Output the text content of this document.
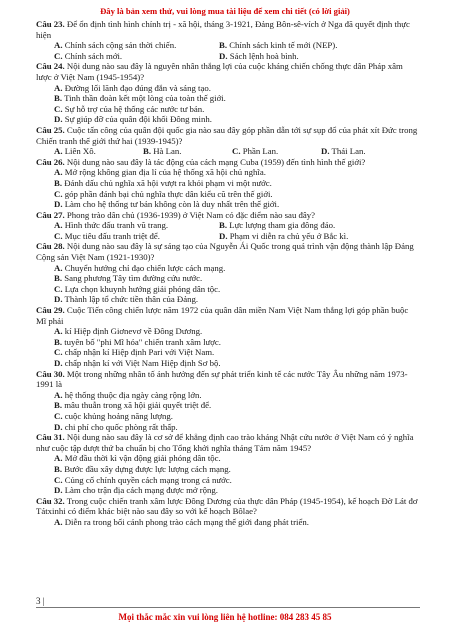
Đây là bản xem thử, vui lòng mua tài liệu để xem chi tiết (có lời giải)

Câu 23. Để ổn định tình hình chính trị - xã hội, tháng 3-1921, Đảng Bôn-sê-vích ở Nga đã quyết định thực hiện

A. Chính sách cộng sản thời chiến.	B. Chính sách kinh tế mới (NEP).
C. Chính sách mới.	D. Sách lệnh hoà bình.

Câu 24. Nội dung nào sau đây là nguyên nhân thắng lợi của cuộc kháng chiến chống thực dân Pháp xâm lược ở Việt Nam (1945-1954)?

A. Đường lối lãnh đạo đúng đắn và sáng tạo.
B. Tinh thần đoàn kết một lòng của toàn thế giới.
C. Sự hỗ trợ của hệ thống các nước tư bản.
D. Sự giúp đỡ của quân đội khối Đông minh.

Câu 25. Cuộc tấn công của quân đội quốc gia nào sau đây góp phần dẫn tới sự sụp đổ của phát xít Đức trong Chiến tranh thế giới thứ hai (1939-1945)?

A. Liên Xô.	B. Hà Lan.	C. Phần Lan.	D. Thái Lan.

Câu 26. Nội dung nào sau đây là tác động của cách mạng Cuba (1959) đến tình hình thế giới?

A. Mở rộng không gian địa lí của hệ thống xã hội chủ nghĩa.
B. Đánh dấu chủ nghĩa xã hội vượt ra khỏi phạm vi một nước.
C. góp phần đánh bại chủ nghĩa thực dân kiểu cũ trên thế giới.
D. Làm cho hệ thống tư bản không còn là duy nhất trên thế giới.

Câu 27. Phong trào dân chủ (1936-1939) ở Việt Nam có đặc điểm nào sau đây?

A. Hình thức đấu tranh vũ trang.	B. Lực lượng tham gia đông đảo.
C. Mục tiêu đấu tranh triệt để.	D. Phạm vi diễn ra chủ yếu ở Bắc kì.

Câu 28. Nội dung nào sau đây là sự sáng tạo của Nguyễn Ái Quốc trong quá trình vận động thành lập Đảng Cộng sản Việt Nam (1921-1930)?

A. Chuyển hướng chỉ đạo chiến lược cách mạng.
B. Sang phương Tây tìm đường cứu nước.
C. Lựa chọn khuynh hướng giải phóng dân tộc.
D. Thành lập tổ chức tiền thân của Đảng.

Câu 29. Cuộc Tiến công chiến lược năm 1972 của quân dân miền Nam Việt Nam thắng lợi góp phần buộc Mĩ phải

A. kí Hiệp định Giơnevơ về Đông Dương.
B. tuyên bố "phi Mĩ hóa" chiến tranh xâm lược.
C. chấp nhận kí Hiệp định Pari với Việt Nam.
D. chấp nhận kí với Việt Nam Hiệp định Sơ bộ.

Câu 30. Một trong những nhân tố ảnh hưởng đến sự phát triển kinh tế các nước Tây Âu những năm 1973-1991 là

A. hệ thống thuộc địa ngày càng rộng lớn.
B. mâu thuẫn trong xã hội giải quyết triệt để.
C. cuộc khủng hoảng năng lượng.
D. chi phí cho quốc phòng rất thấp.

Câu 31. Nội dung nào sau đây là cơ sở để khẳng định cao trào kháng Nhật cứu nước ở Việt Nam có ý nghĩa như cuộc tập dượt thứ ba chuẩn bị cho Tổng khởi nghĩa tháng Tám năm 1945?

A. Mở đầu thời kì vận động giải phóng dân tộc.
B. Bước đầu xây dựng được lực lượng cách mạng.
C. Củng cố chính quyền cách mạng trong cả nước.
D. Làm cho trận địa cách mạng được mở rộng.

Câu 32. Trong cuộc chiến tranh xâm lược Đông Dương của thực dân Pháp (1945-1954), kế hoạch Đờ Lát đơ Tátxinhi có điểm khác biệt nào sau đây so với kế hoạch Bôlae?

A. Diễn ra trong bối cảnh phong trào cách mạng thế giới đang phát triển.
3 |
Mọi thắc mắc xin vui lòng liên hệ hotline: 084 283 45 85
